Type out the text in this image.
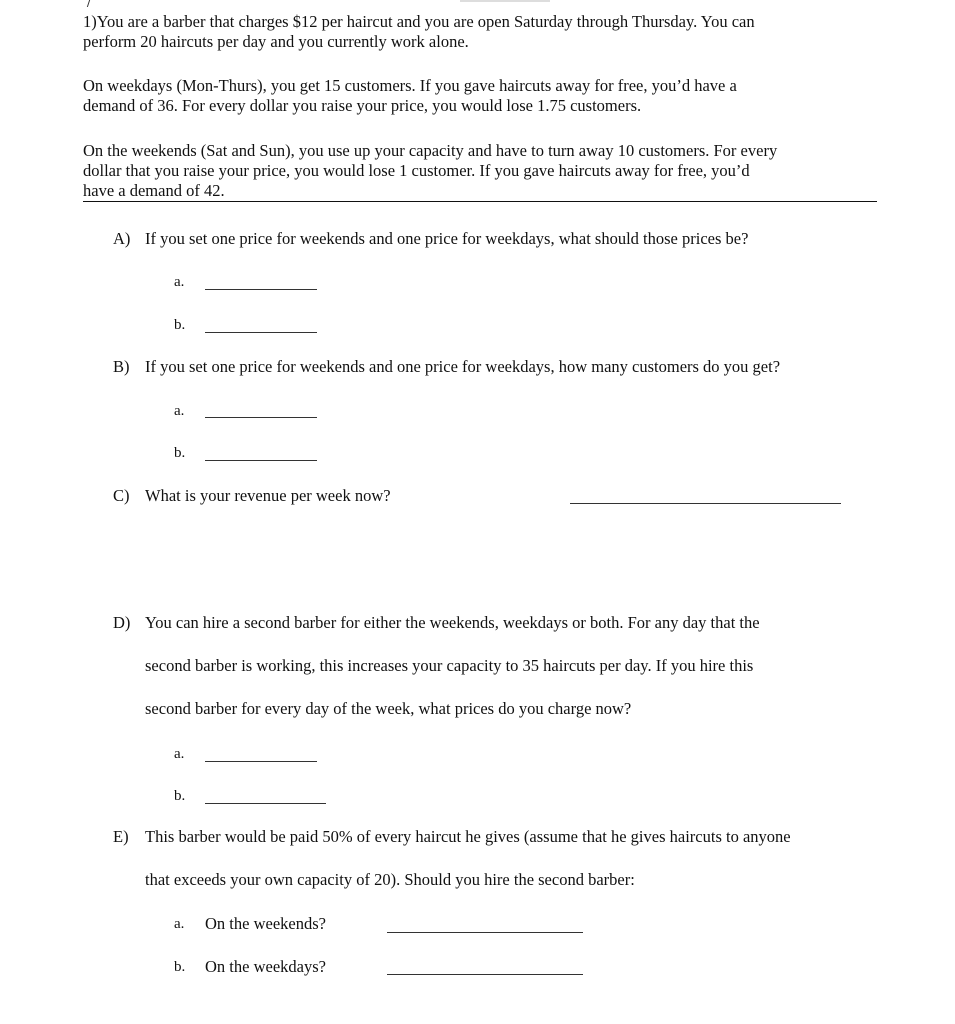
1)You are a barber that charges $12 per haircut and you are open Saturday through Thursday. You can
perform 20 haircuts per day and you currently work alone.
On weekdays (Mon-Thurs), you get 15 customers. If you gave haircuts away for free, you’d have a
demand of 36. For every dollar you raise your price, you would lose 1.75 customers.
On the weekends (Sat and Sun), you use up your capacity and have to turn away 10 customers. For every
dollar that you raise your price, you would lose 1 customer. If you gave haircuts away for free, you’d
have a demand of 42.
A) If you set one price for weekends and one price for weekdays, what should those prices be?
a.
b.
B) If you set one price for weekends and one price for weekdays, how many customers do you get?
a.
b.
C) What is your revenue per week now?
D) You can hire a second barber for either the weekends, weekdays or both. For any day that the
second barber is working, this increases your capacity to 35 haircuts per day. If you hire this
second barber for every day of the week, what prices do you charge now?
a.
b.
E) This barber would be paid 50% of every haircut he gives (assume that he gives haircuts to anyone
that exceeds your own capacity of 20). Should you hire the second barber:
a. On the weekends?
b. On the weekdays?
